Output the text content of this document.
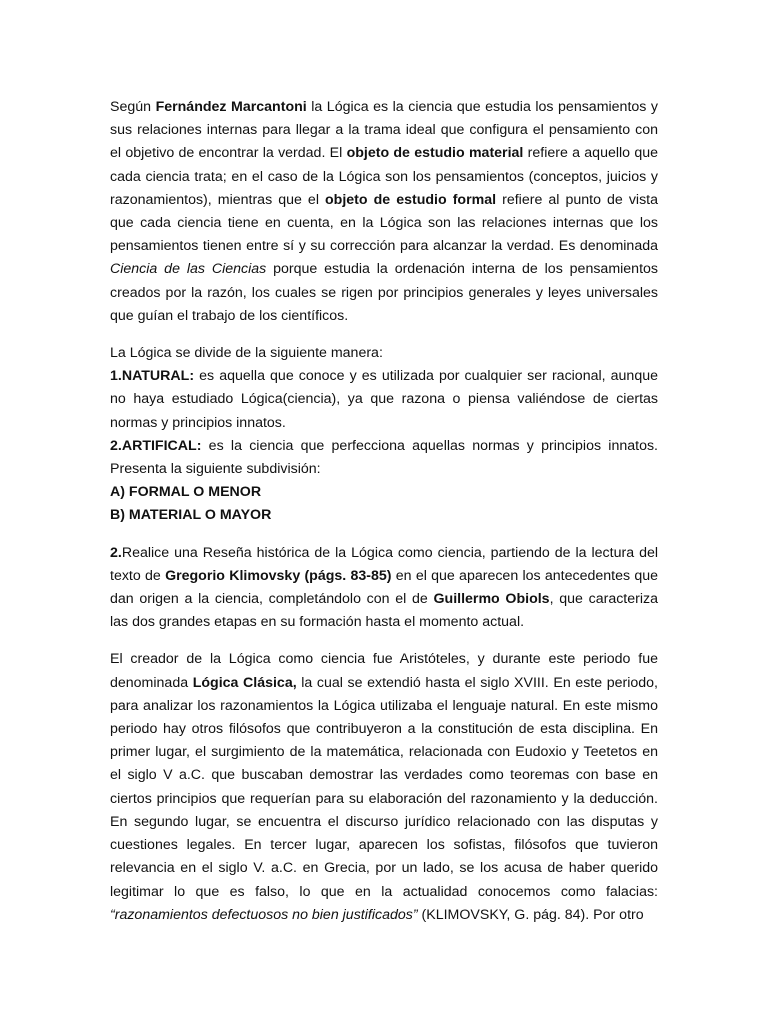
Según Fernández Marcantoni la Lógica es la ciencia que estudia los pensamientos y sus relaciones internas para llegar a la trama ideal que configura el pensamiento con el objetivo de encontrar la verdad. El objeto de estudio material refiere a aquello que cada ciencia trata; en el caso de la Lógica son los pensamientos (conceptos, juicios y razonamientos), mientras que el objeto de estudio formal refiere al punto de vista que cada ciencia tiene en cuenta, en la Lógica son las relaciones internas que los pensamientos tienen entre sí y su corrección para alcanzar la verdad. Es denominada Ciencia de las Ciencias porque estudia la ordenación interna de los pensamientos creados por la razón, los cuales se rigen por principios generales y leyes universales que guían el trabajo de los científicos.

La Lógica se divide de la siguiente manera:

1.NATURAL: es aquella que conoce y es utilizada por cualquier ser racional, aunque no haya estudiado Lógica(ciencia), ya que razona o piensa valiéndose de ciertas normas y principios innatos.

2.ARTIFICAL: es la ciencia que perfecciona aquellas normas y principios innatos. Presenta la siguiente subdivisión:

A) FORMAL O MENOR
B) MATERIAL O MAYOR

2.Realice una Reseña histórica de la Lógica como ciencia, partiendo de la lectura del texto de Gregorio Klimovsky (págs. 83-85) en el que aparecen los antecedentes que dan origen a la ciencia, completándolo con el de Guillermo Obiols, que caracteriza las dos grandes etapas en su formación hasta el momento actual.

El creador de la Lógica como ciencia fue Aristóteles, y durante este periodo fue denominada Lógica Clásica, la cual se extendió hasta el siglo XVIII. En este periodo, para analizar los razonamientos la Lógica utilizaba el lenguaje natural. En este mismo periodo hay otros filósofos que contribuyeron a la constitución de esta disciplina. En primer lugar, el surgimiento de la matemática, relacionada con Eudoxio y Teetetos en el siglo V a.C. que buscaban demostrar las verdades como teoremas con base en ciertos principios que requerían para su elaboración del razonamiento y la deducción. En segundo lugar, se encuentra el discurso jurídico relacionado con las disputas y cuestiones legales. En tercer lugar, aparecen los sofistas, filósofos que tuvieron relevancia en el siglo V. a.C. en Grecia, por un lado, se los acusa de haber querido legitimar lo que es falso, lo que en la actualidad conocemos como falacias: “razonamientos defectuosos no bien justificados” (KLIMOVSKY, G. pág. 84). Por otro
